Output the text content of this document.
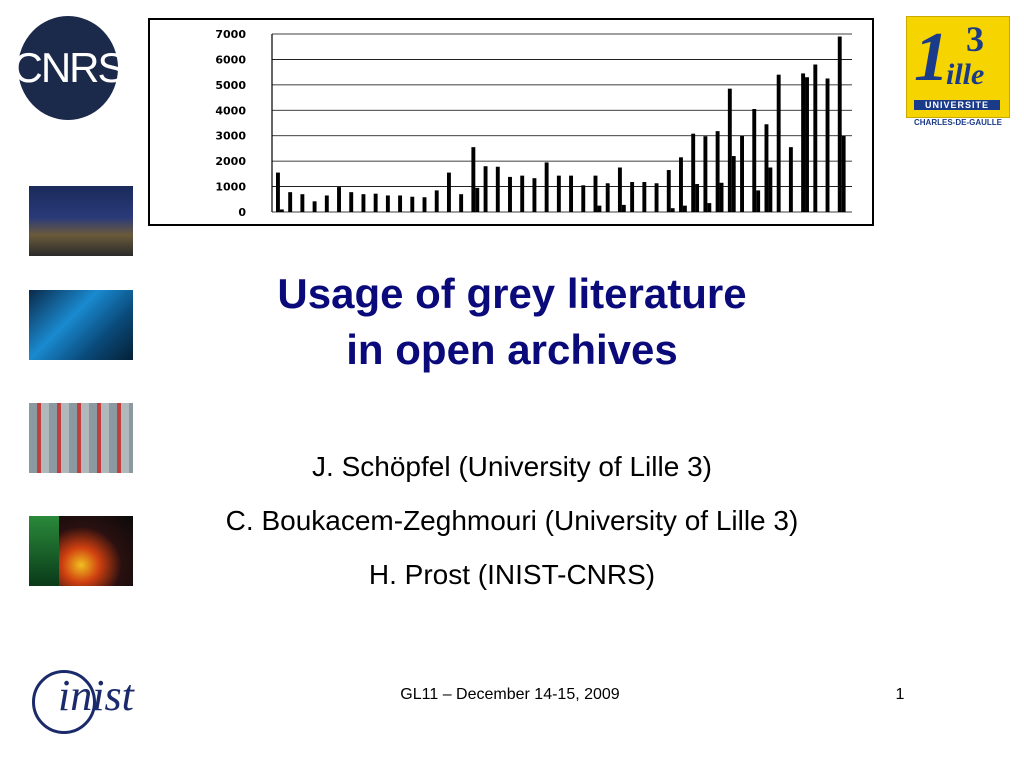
CNRS
0
1000
2000
3000
4000
5000
6000
7000	1 3
ille
UNIVERSITE
CHARLES-DE-GAULLE
Usage of grey literature
in open archives
J. Schöpfel (University of Lille 3)
C. Boukacem-Zeghmouri (University of Lille 3)
H. Prost (INIST-CNRS)
inist	GL11 – December 14-15, 2009	1
